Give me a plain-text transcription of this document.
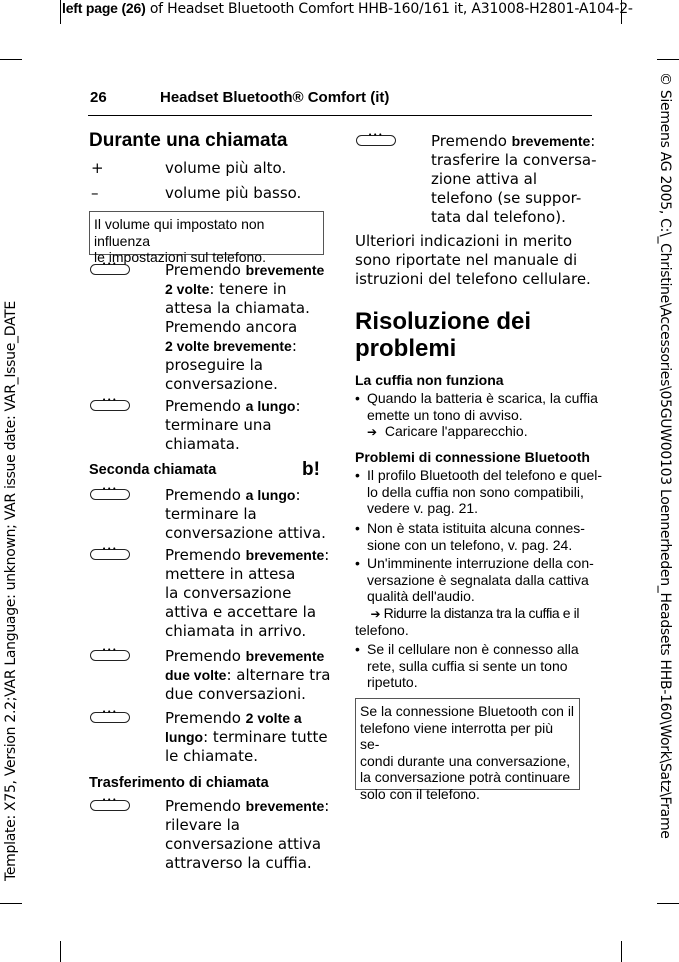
left page (26) of Headset Bluetooth Comfort HHB-160/161 it, A31008-H2801-A104-2-
Template: X75, Version 2.2;VAR Language: unknown; VAR issue date: VAR_Issue_DATE	© Siemens AG 2005, C:\_Christine\Accessories\05GUW00103 Loennerheden_Headsets HHB-160\Work\Satz\Frame
26	Headset Bluetooth® Comfort (it)
Durante una chiamata
+	volume più alto.
–	volume più basso.
Il volume qui impostato non influenza
le impostazioni sul telefono.
•••
Premendo brevemente
2 volte: tenere in
attesa la chiamata.
Premendo ancora
2 volte brevemente:
proseguire la
conversazione.
•••
Premendo a lungo:
terminare una
chiamata.
Seconda chiamata	b!
•••
Premendo a lungo:
terminare la
conversazione attiva.
•••
Premendo brevemente:
mettere in attesa
la conversazione
attiva e accettare la
chiamata in arrivo.
•••
Premendo brevemente
due volte: alternare tra
due conversazioni.
•••
Premendo 2 volte a
lungo: terminare tutte
le chiamate.
Trasferimento di chiamata
•••
Premendo brevemente:
rilevare la
conversazione attiva
attraverso la cuffia.
•••
Premendo brevemente:
trasferire la conversa-
zione attiva al
telefono (se suppor-
tata dal telefono).
Ulteriori indicazioni in merito
sono riportate nel manuale di
istruzioni del telefono cellulare.
Risoluzione dei
problemi
La cuffia non funziona
• Quando la batteria è scarica, la cuffia
emette un tono di avviso.
➔ Caricare l'apparecchio.
Problemi di connessione Bluetooth
• Il profilo Bluetooth del telefono e quel-
lo della cuffia non sono compatibili,
vedere v. pag. 21.
• Non è stata istituita alcuna connes-
sione con un telefono, v. pag. 24.
• Un'imminente interruzione della con-
versazione è segnalata dalla cattiva
qualità dell'audio.
➔ Ridurre la distanza tra la cuffia e il
telefono.
• Se il cellulare non è connesso alla
rete, sulla cuffia si sente un tono
ripetuto.
Se la connessione Bluetooth con il
telefono viene interrotta per più se-
condi durante una conversazione,
la conversazione potrà continuare
solo con il telefono.
